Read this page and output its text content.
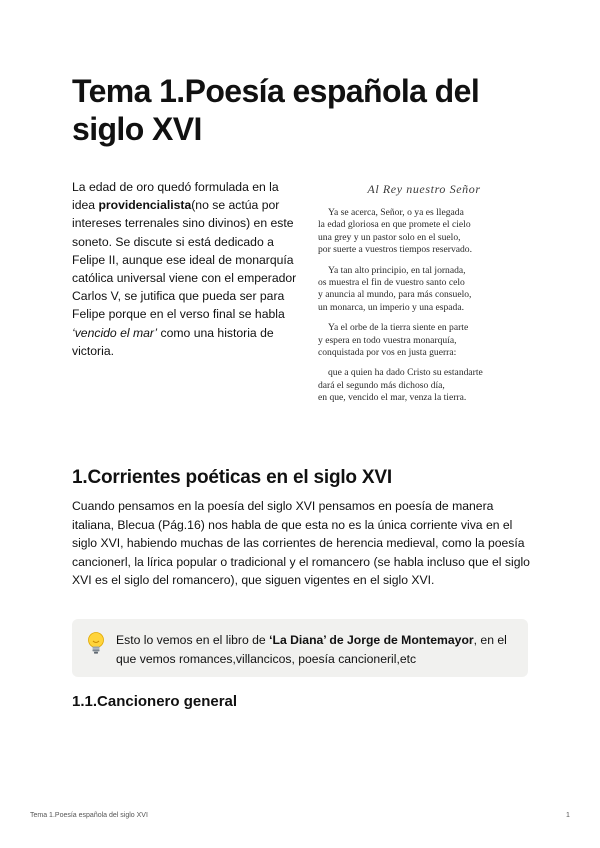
Tema 1.Poesía española del siglo XVI

La edad de oro quedó formulada en la idea providencialista(no se actúa por intereses terrenales sino divinos) en este soneto. Se discute si está dedicado a Felipe II, aunque ese ideal de monarquía católica universal viene con el emperador Carlos V, se jutifica que pueda ser para Felipe porque en el verso final se habla ‘vencido el mar’ como una historia de victoria.

Al Rey nuestro Señor
Ya se acerca, Señor, o ya es llegada
la edad gloriosa en que promete el cielo
una grey y un pastor solo en el suelo,
por suerte a vuestros tiempos reservado.
Ya tan alto principio, en tal jornada,
os muestra el fin de vuestro santo celo
y anuncia al mundo, para más consuelo,
un monarca, un imperio y una espada.
Ya el orbe de la tierra siente en parte
y espera en todo vuestra monarquía,
conquistada por vos en justa guerra:
que a quien ha dado Cristo su estandarte
dará el segundo más dichoso día,
en que, vencido el mar, venza la tierra.
1.Corrientes poéticas en el siglo XVI

Cuando pensamos en la poesía del siglo XVI pensamos en poesía de manera italiana, Blecua (Pág.16) nos habla de que esta no es la única corriente viva en el siglo XVI, habiendo muchas de las corrientes de herencia medieval, como la poesía cancionerl, la lírica popular o tradicional y el romancero (se habla incluso que el siglo XVI es el siglo del romancero), que siguen vigentes en el siglo XVI.

Esto lo vemos en el libro de ‘La Diana’ de Jorge de Montemayor, en el que vemos romances,villancicos, poesía cancioneril,etc
1.1.Cancionero general
Tema 1.Poesía española del siglo XVI	1
